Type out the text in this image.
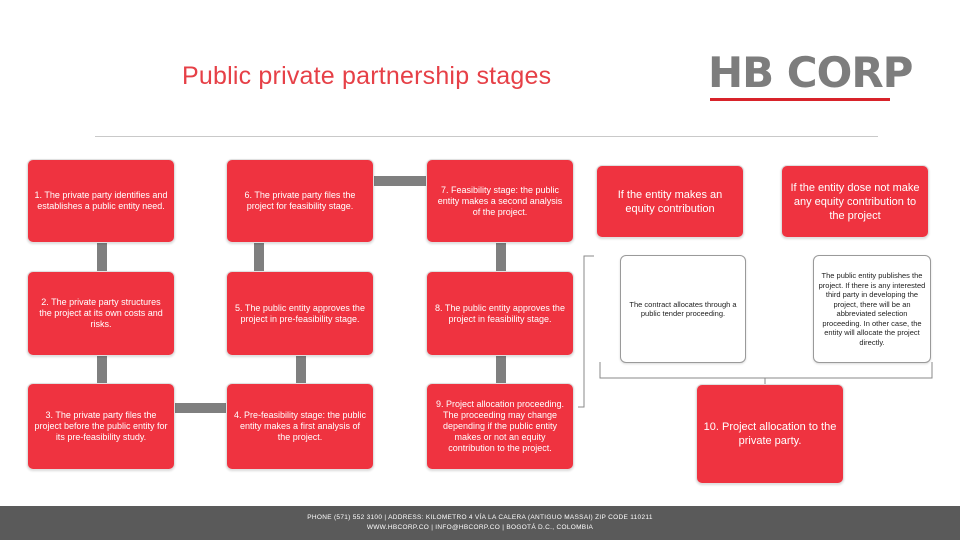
Public private partnership stages	HB CORP
1. The private party identifies and establishes a public entity need.
2. The private party structures the project at its own costs and risks.
3. The private party files the project before the public entity for its pre-feasibility study.
6. The private party files the project for feasibility stage.
5. The public entity approves the project in pre-feasibility stage.
4. Pre-feasibility stage: the public entity makes a first analysis of the project.
7. Feasibility stage: the public entity makes a second analysis of the project.
8. The public entity approves the project in feasibility stage.
9. Project allocation proceeding. The proceeding may change depending if the public entity makes or not an equity contribution to the project.
If the entity makes an equity contribution
The contract allocates through a public tender proceeding.
If the entity dose not make any equity contribution to the project
The public entity publishes the project. If there is any interested third party in developing the project, there will be an abbreviated selection proceeding. In other case, the entity will allocate the project directly.
10. Project allocation to the private party.
PHONE (571) 552 3100 | ADDRESS: KILOMETRO 4 VÍA LA CALERA (ANTIGUO MASSAI) ZIP CODE 110211
WWW.HBCORP.CO | INFO@HBCORP.CO | BOGOTÁ D.C., COLOMBIA
